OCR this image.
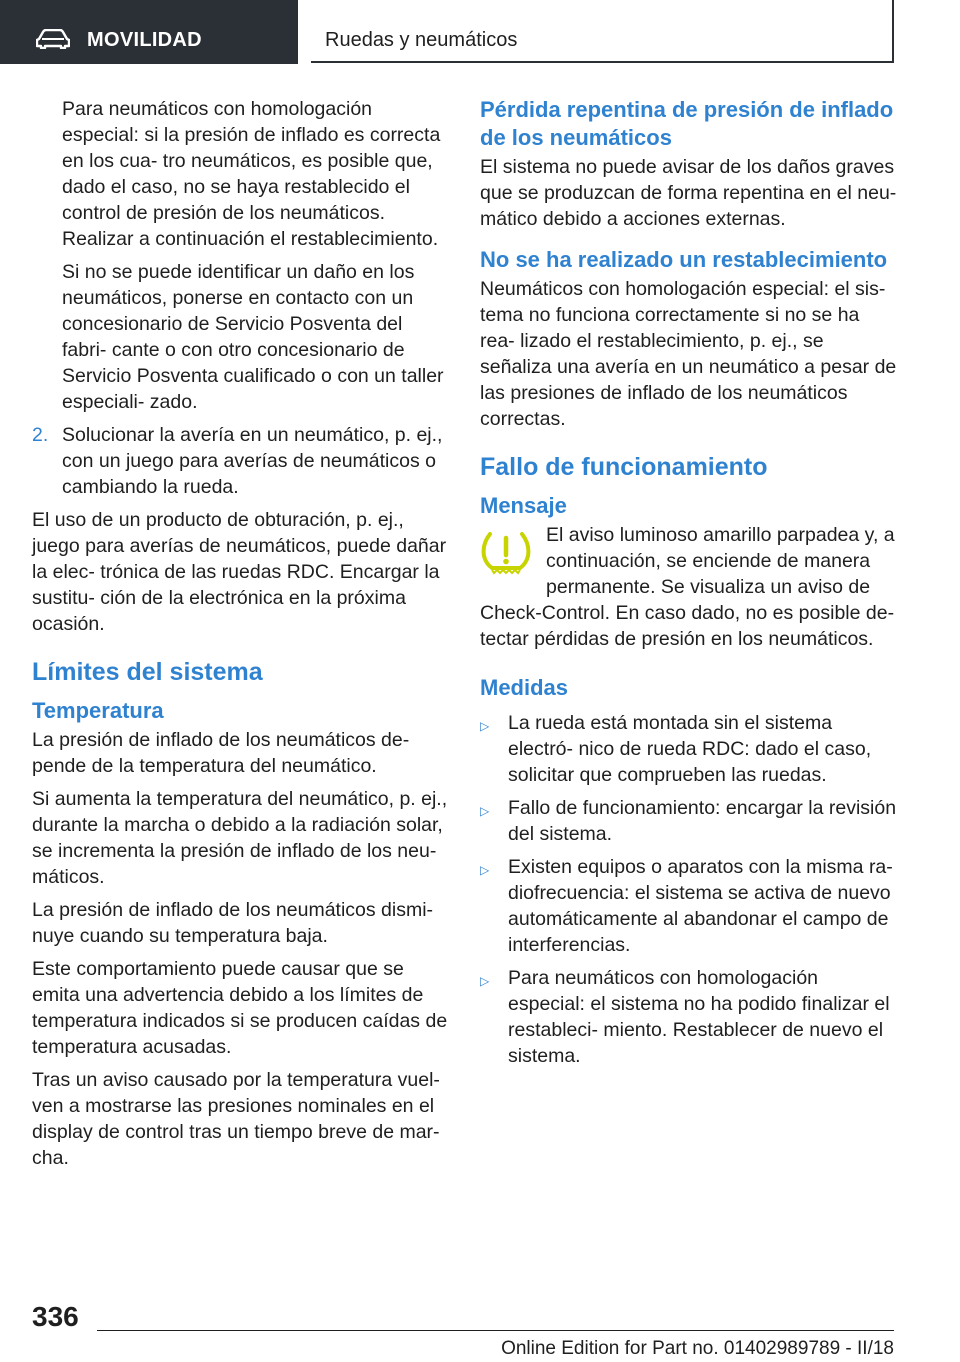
MOVILIDAD	Ruedas y neumáticos

Para neumáticos con homologación especial: si la presión de inflado es correcta en los cua- tro neumáticos, es posible que, dado el caso, no se haya restablecido el control de presión de los neumáticos. Realizar a continuación el restablecimiento.

Si no se puede identificar un daño en los neumáticos, ponerse en contacto con un concesionario de Servicio Posventa del fabri- cante o con otro concesionario de Servicio Posventa cualificado o con un taller especiali- zado.

2. Solucionar la avería en un neumático, p. ej., con un juego para averías de neumáticos o cambiando la rueda.

El uso de un producto de obturación, p. ej., juego para averías de neumáticos, puede dañar la elec- trónica de las ruedas RDC. Encargar la sustitu- ción de la electrónica en la próxima ocasión.

Límites del sistema
Temperatura

La presión de inflado de los neumáticos de- pende de la temperatura del neumático.

Si aumenta la temperatura del neumático, p. ej., durante la marcha o debido a la radiación solar, se incrementa la presión de inflado de los neu- máticos.

La presión de inflado de los neumáticos dismi- nuye cuando su temperatura baja.

Este comportamiento puede causar que se emita una advertencia debido a los límites de temperatura indicados si se producen caídas de temperatura acusadas.

Tras un aviso causado por la temperatura vuel- ven a mostrarse las presiones nominales en el display de control tras un tiempo breve de mar- cha.

Pérdida repentina de presión de inflado de los neumáticos

El sistema no puede avisar de los daños graves que se produzcan de forma repentina en el neu- mático debido a acciones externas.

No se ha realizado un restablecimiento

Neumáticos con homologación especial: el sis- tema no funciona correctamente si no se ha rea- lizado el restablecimiento, p. ej., se señaliza una avería en un neumático a pesar de las presiones de inflado de los neumáticos correctas.

Fallo de funcionamiento
Mensaje

El aviso luminoso amarillo parpadea y, a continuación, se enciende de manera permanente. Se visualiza un aviso de

Check-Control. En caso dado, no es posible de- tectar pérdidas de presión en los neumáticos.

Medidas
▷ La rueda está montada sin el sistema electró- nico de rueda RDC: dado el caso, solicitar que comprueben las ruedas.
▷ Fallo de funcionamiento: encargar la revisión del sistema.
▷ Existen equipos o aparatos con la misma ra- diofrecuencia: el sistema se activa de nuevo automáticamente al abandonar el campo de interferencias.
▷ Para neumáticos con homologación especial: el sistema no ha podido finalizar el restableci- miento. Restablecer de nuevo el sistema.
336
Online Edition for Part no. 01402989789 - II/18
